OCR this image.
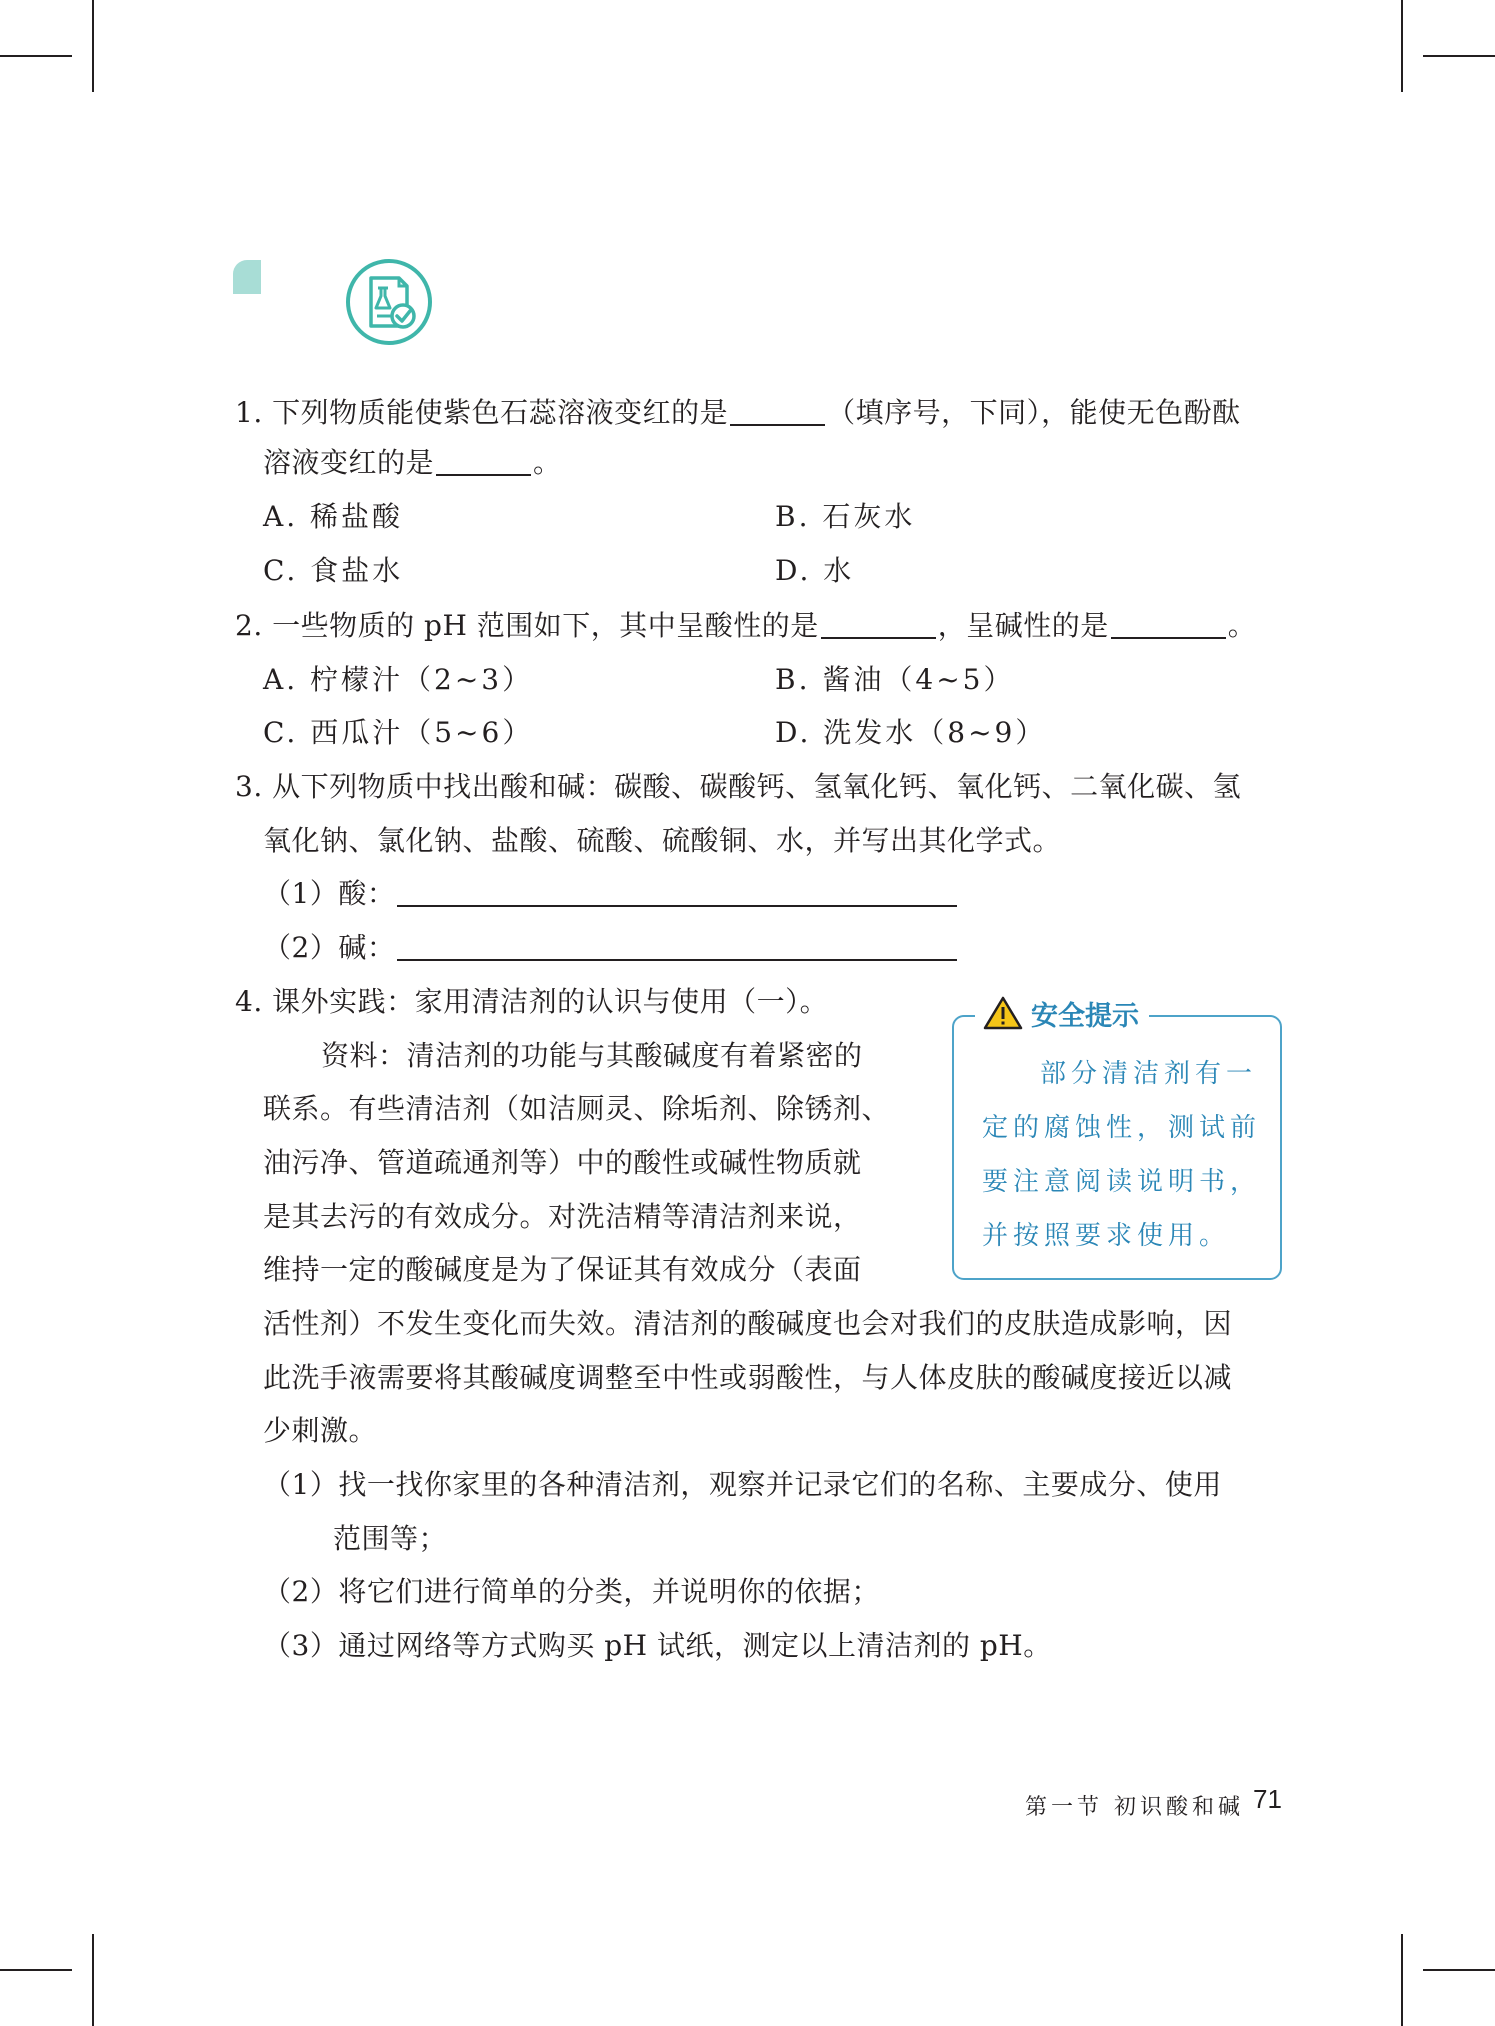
1. 下列物质能使紫色石蕊溶液变红的是	（填序号，下同），能使无色酚酞
溶液变红的是	。
A. 稀盐酸	B. 石灰水
C. 食盐水	D. 水
2. 一些物质的 pH 范围如下，其中呈酸性的是	，呈碱性的是	。
A. 柠檬汁（2~3）	B. 酱油（4~5）
C. 西瓜汁（5~6）	D. 洗发水（8~9）
3. 从下列物质中找出酸和碱：碳酸、碳酸钙、氢氧化钙、氧化钙、二氧化碳、氢
氧化钠、氯化钠、盐酸、硫酸、硫酸铜、水，并写出其化学式。
（1）酸：
（2）碱：
4. 课外实践：家用清洁剂的认识与使用（一）。
资料：清洁剂的功能与其酸碱度有着紧密的
联系。有些清洁剂（如洁厕灵、除垢剂、除锈剂、
油污净、管道疏通剂等）中的酸性或碱性物质就
是其去污的有效成分。对洗洁精等清洁剂来说，
维持一定的酸碱度是为了保证其有效成分（表面
活性剂）不发生变化而失效。清洁剂的酸碱度也会对我们的皮肤造成影响，因
此洗手液需要将其酸碱度调整至中性或弱酸性，与人体皮肤的酸碱度接近以减
少刺激。
（1）找一找你家里的各种清洁剂，观察并记录它们的名称、主要成分、使用
范围等；
（2）将它们进行简单的分类，并说明你的依据；
（3）通过网络等方式购买 pH 试纸，测定以上清洁剂的 pH。
安全提示
部分清洁剂有一
定的腐蚀性，测试前
要注意阅读说明书，
并按照要求使用。
第一节 初识酸和碱 71
